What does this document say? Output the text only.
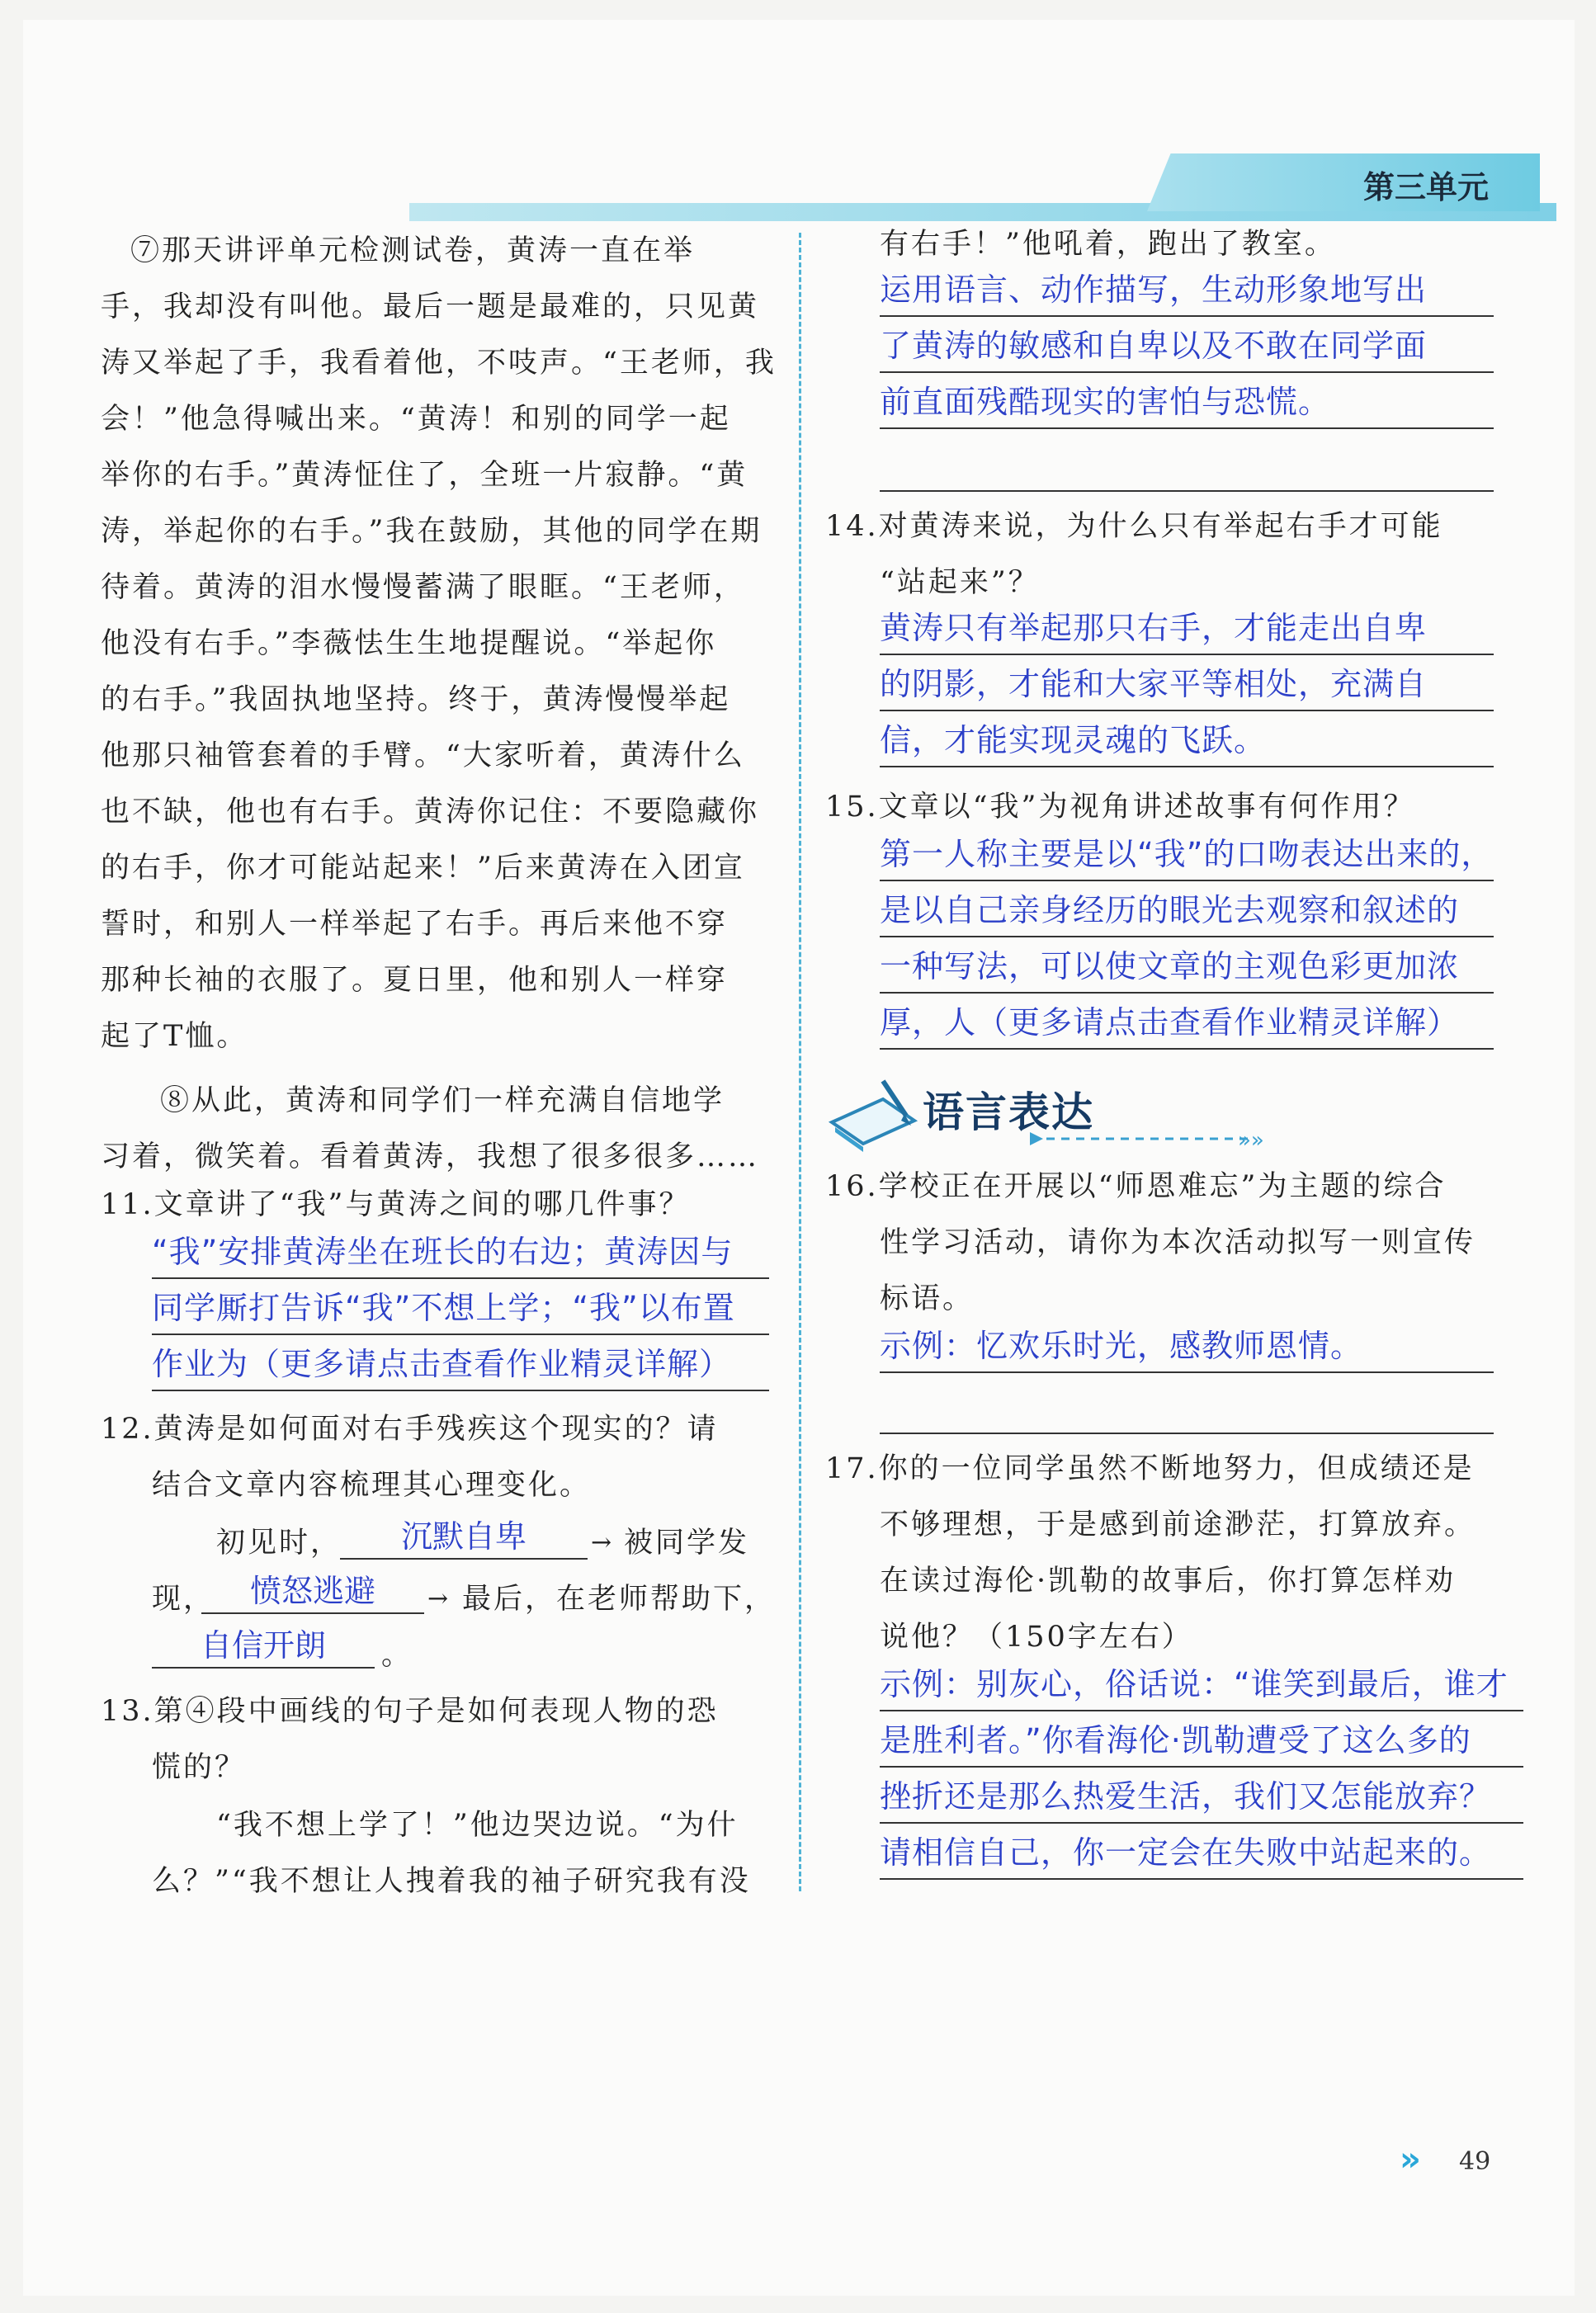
第三单元
⑦那天讲评单元检测试卷，黄涛一直在举
手，我却没有叫他。最后一题是最难的，只见黄
涛又举起了手，我看着他，不吱声。“王老师，我
会！”他急得喊出来。“黄涛！和别的同学一起
举你的右手。”黄涛怔住了，全班一片寂静。“黄
涛，举起你的右手。”我在鼓励，其他的同学在期
待着。黄涛的泪水慢慢蓄满了眼眶。“王老师，
他没有右手。”李薇怯生生地提醒说。“举起你
的右手。”我固执地坚持。终于，黄涛慢慢举起
他那只袖管套着的手臂。“大家听着，黄涛什么
也不缺，他也有右手。黄涛你记住：不要隐藏你
的右手，你才可能站起来！”后来黄涛在入团宣
誓时，和别人一样举起了右手。再后来他不穿
那种长袖的衣服了。夏日里，他和别人一样穿
起了T恤。
⑧从此，黄涛和同学们一样充满自信地学
习着，微笑着。看着黄涛，我想了很多很多……
11.文章讲了“我”与黄涛之间的哪几件事？
“我”安排黄涛坐在班长的右边；黄涛因与
同学厮打告诉“我”不想上学；“我”以布置
作业为（更多请点击查看作业精灵详解）
12.黄涛是如何面对右手残疾这个现实的？请
结合文章内容梳理其心理变化。
初见时，	沉默自卑	→ 被同学发
现，	愤怒逃避	→ 最后，在老师帮助下，
自信开朗	。
13.第④段中画线的句子是如何表现人物的恐
慌的？
“我不想上学了！”他边哭边说。“为什
么？”“我不想让人拽着我的袖子研究我有没
有右手！”他吼着，跑出了教室。
运用语言、动作描写，生动形象地写出
了黄涛的敏感和自卑以及不敢在同学面
前直面残酷现实的害怕与恐慌。
14.对黄涛来说，为什么只有举起右手才可能
“站起来”？
黄涛只有举起那只右手，才能走出自卑
的阴影，才能和大家平等相处，充满自
信，才能实现灵魂的飞跃。
15.文章以“我”为视角讲述故事有何作用？
第一人称主要是以“我”的口吻表达出来的，
是以自己亲身经历的眼光去观察和叙述的
一种写法，可以使文章的主观色彩更加浓
厚，人（更多请点击查看作业精灵详解）
»»
语言表达
16.学校正在开展以“师恩难忘”为主题的综合
性学习活动，请你为本次活动拟写一则宣传
标语。
示例：忆欢乐时光，感教师恩情。
17.你的一位同学虽然不断地努力，但成绩还是
不够理想，于是感到前途渺茫，打算放弃。
在读过海伦·凯勒的故事后，你打算怎样劝
说他？（150字左右）
示例：别灰心，俗话说：“谁笑到最后，谁才
是胜利者。”你看海伦·凯勒遭受了这么多的
挫折还是那么热爱生活，我们又怎能放弃？
请相信自己，你一定会在失败中站起来的。
» 49
